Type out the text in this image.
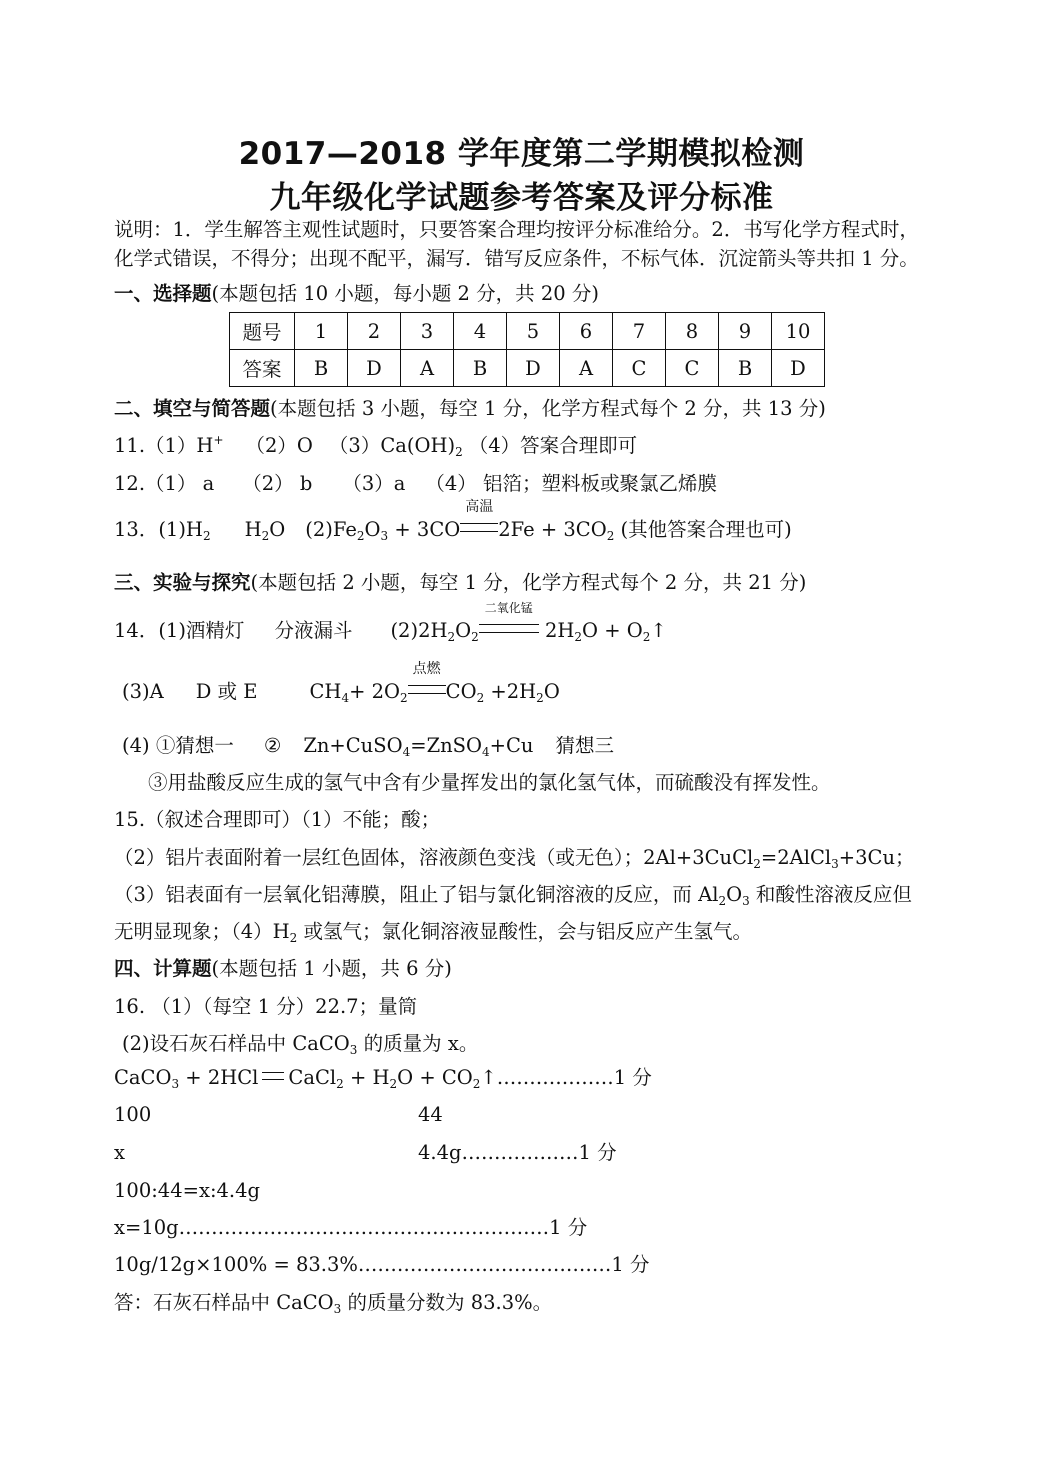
2017—2018 学年度第二学期模拟检测
九年级化学试题参考答案及评分标准
说明：1．学生解答主观性试题时，只要答案合理均按评分标准给分。2．书写化学方程式时，
化学式错误，不得分；出现不配平，漏写．错写反应条件，不标气体．沉淀箭头等共扣 1 分。
一、选择题(本题包括 10 小题，每小题 2 分，共 20 分)
题号	1	2	3	4	5	6	7	8	9	10
答案	B	D	A	B	D	A	C	C	B	D
二、填空与简答题(本题包括 3 小题，每空 1 分，化学方程式每个 2 分，共 13 分)
11.（1）H+ （2）O $(3)Ca(OH)_2$ （4）答案合理即可
12.（1） a （2） b （3）a （4） 铝箔；塑料板或聚氯乙烯膜
13．$(1)H_2$ $H_2O$ $(2)Fe_2O_3 + 3CO$
高温
$2Fe + 3CO_2$ (其他答案合理也可)
三、实验与探究(本题包括 2 小题，每空 1 分，化学方程式每个 2 分，共 21 分)
14．(1)酒精灯 分液漏斗 $(2)2H_2O_2$
二氧化锰
$2H_2O$ + $O_2↑$
(3)A D 或 E	$CH_4+ 2O_2$
点燃
$CO_2 +2H_2O$
(4) ①猜想一 ② Zn+CuSO$_4$=ZnSO$_4$+Cu 猜想三
③用盐酸反应生成的氢气中含有少量挥发出的氯化氢气体，而硫酸没有挥发性。
15.（叙述合理即可）（1）不能；酸；
（2）铝片表面附着一层红色固体，溶液颜色变浅（或无色）；2Al+3CuCl$_2$=2AlCl$_3$+3Cu；
（3）铝表面有一层氧化铝薄膜，阻止了铝与氯化铜溶液的反应，而 $Al_2O_3$ 和酸性溶液反应但
无明显现象；$(4)H_2$ 或氢气；氯化铜溶液显酸性，会与铝反应产生氢气。
四、计算题(本题包括 1 小题，共 6 分)
16. （1）（每空 1 分）22.7；量筒
(2)设石灰石样品中 CaCO$_3$ 的质量为 x。
CaCO$_3$ + 2HCl CaCl$_2$ + $H_2O$ + $CO_2↑\dots\dots\dots\dots\dots\dots 1$ 分
100	44
x	4.4g………………1 分
100:44=x:4.4g
x=10g…………………………………………………1 分
10g/12g×100% = 83.3%…………………………………1 分
答：石灰石样品中 CaCO$_3$ 的质量分数为 83.3%。
